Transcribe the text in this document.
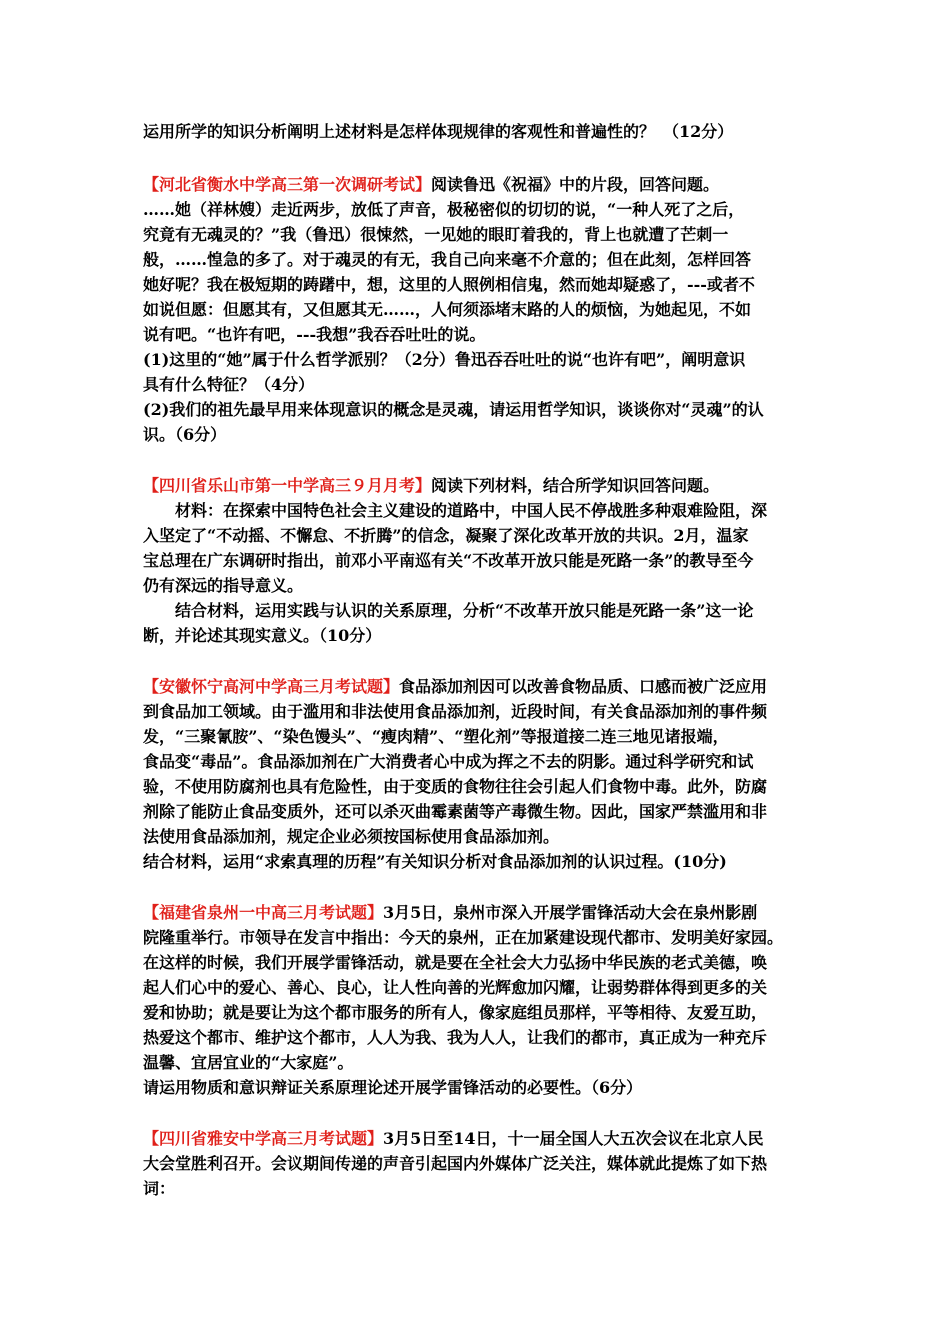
运用所学的知识分析阐明上述材料是怎样体现规律的客观性和普遍性的？　（12分）
【河北省衡水中学高三第一次调研考试】阅读鲁迅《祝福》中的片段，回答问题。
……她（祥林嫂）走近两步，放低了声音，极秘密似的切切的说，“一种人死了之后，
究竟有无魂灵的？”我（鲁迅）很悚然，一见她的眼盯着我的，背上也就遭了芒刺一
般，……惶急的多了。对于魂灵的有无，我自己向来毫不介意的；但在此刻，怎样回答
她好呢？我在极短期的踌躇中，想，这里的人照例相信鬼，然而她却疑惑了，---或者不
如说但愿：但愿其有，又但愿其无……，人何须添堵末路的人的烦恼，为她起见，不如
说有吧。“也许有吧，---我想”我吞吞吐吐的说。
(1)这里的“她”属于什么哲学派别？（2分）鲁迅吞吞吐吐的说“也许有吧”，阐明意识
具有什么特征？（4分）
(2)我们的祖先最早用来体现意识的概念是灵魂，请运用哲学知识，谈谈你对“灵魂”的认
识。（6分）
【四川省乐山市第一中学高三９月月考】阅读下列材料，结合所学知识回答问题。
材料：在探索中国特色社会主义建设的道路中，中国人民不停战胜多种艰难险阻，深
入坚定了“不动摇、不懈怠、不折腾”的信念，凝聚了深化改革开放的共识。2月，温家
宝总理在广东调研时指出，前邓小平南巡有关“不改革开放只能是死路一条”的教导至今
仍有深远的指导意义。
结合材料，运用实践与认识的关系原理，分析“不改革开放只能是死路一条”这一论
断，并论述其现实意义。（10分）
【安徽怀宁高河中学高三月考试题】食品添加剂因可以改善食物品质、口感而被广泛应用
到食品加工领域。由于滥用和非法使用食品添加剂，近段时间，有关食品添加剂的事件频
发，“三聚氰胺”、“染色馒头”、“瘦肉精”、“塑化剂”等报道接二连三地见诸报端，
食品变“毒品”。食品添加剂在广大消费者心中成为挥之不去的阴影。通过科学研究和试
验，不使用防腐剂也具有危险性，由于变质的食物往往会引起人们食物中毒。此外，防腐
剂除了能防止食品变质外，还可以杀灭曲霉素菌等产毒微生物。因此，国家严禁滥用和非
法使用食品添加剂，规定企业必须按国标使用食品添加剂。
结合材料，运用“求索真理的历程”有关知识分析对食品添加剂的认识过程。(10分)
【福建省泉州一中高三月考试题】3月5日，泉州市深入开展学雷锋活动大会在泉州影剧
院隆重举行。市领导在发言中指出：今天的泉州，正在加紧建设现代都市、发明美好家园。
在这样的时候，我们开展学雷锋活动，就是要在全社会大力弘扬中华民族的老式美德，唤
起人们心中的爱心、善心、良心，让人性向善的光辉愈加闪耀，让弱势群体得到更多的关
爱和协助；就是要让为这个都市服务的所有人，像家庭组员那样，平等相待、友爱互助，
热爱这个都市、维护这个都市，人人为我、我为人人，让我们的都市，真正成为一种充斥
温馨、宜居宜业的“大家庭”。
请运用物质和意识辩证关系原理论述开展学雷锋活动的必要性。（6分）
【四川省雅安中学高三月考试题】3月5日至14日，十一届全国人大五次会议在北京人民
大会堂胜利召开。会议期间传递的声音引起国内外媒体广泛关注，媒体就此提炼了如下热
词：
